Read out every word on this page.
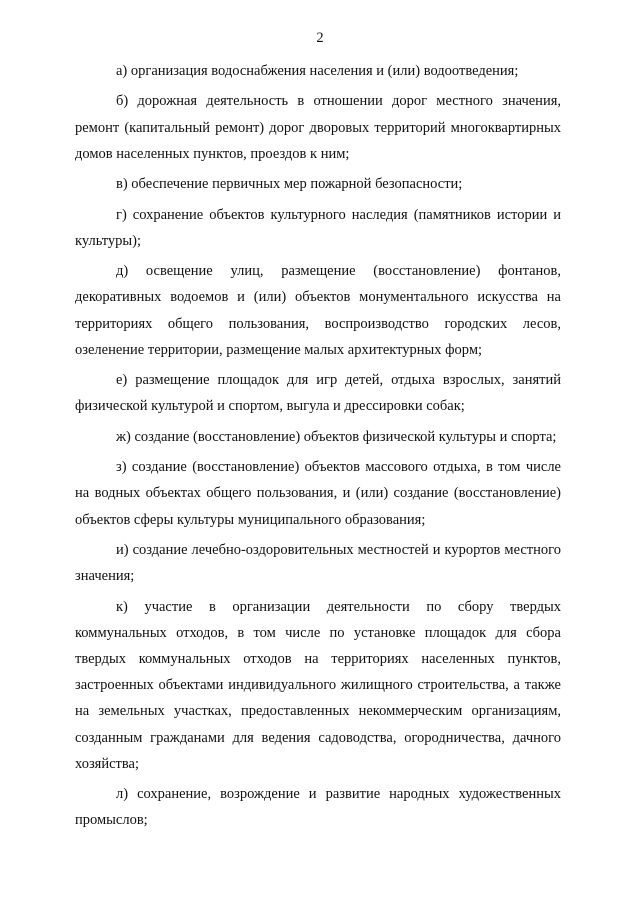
2

а) организация водоснабжения населения и (или) водоотведения;

б) дорожная деятельность в отношении дорог местного значения, ремонт (капитальный ремонт) дорог дворовых территорий многоквартирных домов населенных пунктов, проездов к ним;

в) обеспечение первичных мер пожарной безопасности;

г) сохранение объектов культурного наследия (памятников истории и культуры);

д) освещение улиц, размещение (восстановление) фонтанов, декоративных водоемов и (или) объектов монументального искусства на территориях общего пользования, воспроизводство городских лесов, озеленение территории, размещение малых архитектурных форм;

е) размещение площадок для игр детей, отдыха взрослых, занятий физической культурой и спортом, выгула и дрессировки собак;

ж) создание (восстановление) объектов физической культуры и спорта;

з) создание (восстановление) объектов массового отдыха, в том числе на водных объектах общего пользования, и (или) создание (восстановление) объектов сферы культуры муниципального образования;

и) создание лечебно-оздоровительных местностей и курортов местного значения;

к) участие в организации деятельности по сбору твердых коммунальных отходов, в том числе по установке площадок для сбора твердых коммунальных отходов на территориях населенных пунктов, застроенных объектами индивидуального жилищного строительства, а также на земельных участках, предоставленных некоммерческим организациям, созданным гражданами для ведения садоводства, огородничества, дачного хозяйства;

л) сохранение, возрождение и развитие народных художественных промыслов;
